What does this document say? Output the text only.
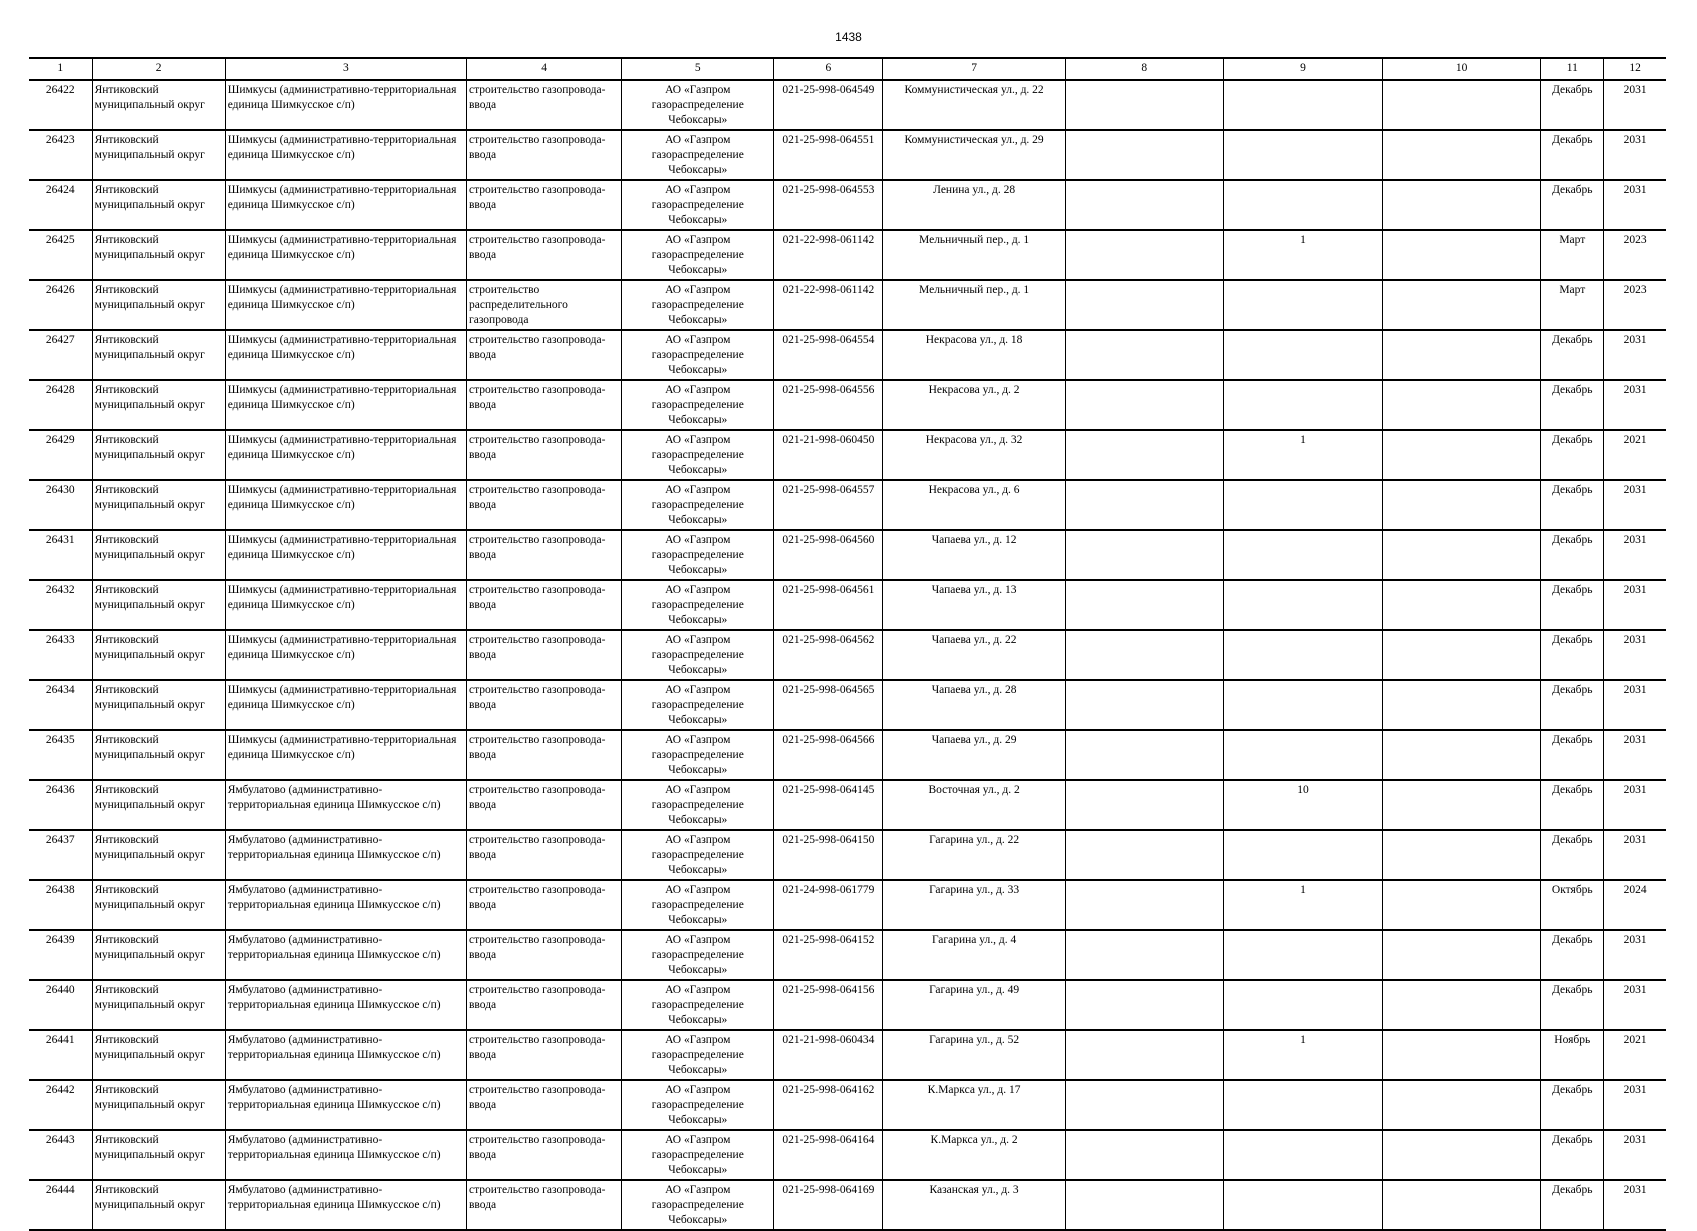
1438
1	2	3	4	5	6	7	8	9	10	11	12
26422	Янтиковский муниципальный округ	Шимкусы (административно-территориальная единица Шимкусское с/п)	строительство газопровода-ввода	АО «Газпром газораспределение Чебоксары»	021-25-998-064549	Коммунистическая ул., д. 22				Декабрь	2031
26423	Янтиковский муниципальный округ	Шимкусы (административно-территориальная единица Шимкусское с/п)	строительство газопровода-ввода	АО «Газпром газораспределение Чебоксары»	021-25-998-064551	Коммунистическая ул., д. 29				Декабрь	2031
26424	Янтиковский муниципальный округ	Шимкусы (административно-территориальная единица Шимкусское с/п)	строительство газопровода-ввода	АО «Газпром газораспределение Чебоксары»	021-25-998-064553	Ленина ул., д. 28				Декабрь	2031
26425	Янтиковский муниципальный округ	Шимкусы (административно-территориальная единица Шимкусское с/п)	строительство газопровода-ввода	АО «Газпром газораспределение Чебоксары»	021-22-998-061142	Мельничный пер., д. 1		1		Март	2023
26426	Янтиковский муниципальный округ	Шимкусы (административно-территориальная единица Шимкусское с/п)	строительство распределительного газопровода	АО «Газпром газораспределение Чебоксары»	021-22-998-061142	Мельничный пер., д. 1				Март	2023
26427	Янтиковский муниципальный округ	Шимкусы (административно-территориальная единица Шимкусское с/п)	строительство газопровода-ввода	АО «Газпром газораспределение Чебоксары»	021-25-998-064554	Некрасова ул., д. 18				Декабрь	2031
26428	Янтиковский муниципальный округ	Шимкусы (административно-территориальная единица Шимкусское с/п)	строительство газопровода-ввода	АО «Газпром газораспределение Чебоксары»	021-25-998-064556	Некрасова ул., д. 2				Декабрь	2031
26429	Янтиковский муниципальный округ	Шимкусы (административно-территориальная единица Шимкусское с/п)	строительство газопровода-ввода	АО «Газпром газораспределение Чебоксары»	021-21-998-060450	Некрасова ул., д. 32		1		Декабрь	2021
26430	Янтиковский муниципальный округ	Шимкусы (административно-территориальная единица Шимкусское с/п)	строительство газопровода-ввода	АО «Газпром газораспределение Чебоксары»	021-25-998-064557	Некрасова ул., д. 6				Декабрь	2031
26431	Янтиковский муниципальный округ	Шимкусы (административно-территориальная единица Шимкусское с/п)	строительство газопровода-ввода	АО «Газпром газораспределение Чебоксары»	021-25-998-064560	Чапаева ул., д. 12				Декабрь	2031
26432	Янтиковский муниципальный округ	Шимкусы (административно-территориальная единица Шимкусское с/п)	строительство газопровода-ввода	АО «Газпром газораспределение Чебоксары»	021-25-998-064561	Чапаева ул., д. 13				Декабрь	2031
26433	Янтиковский муниципальный округ	Шимкусы (административно-территориальная единица Шимкусское с/п)	строительство газопровода-ввода	АО «Газпром газораспределение Чебоксары»	021-25-998-064562	Чапаева ул., д. 22				Декабрь	2031
26434	Янтиковский муниципальный округ	Шимкусы (административно-территориальная единица Шимкусское с/п)	строительство газопровода-ввода	АО «Газпром газораспределение Чебоксары»	021-25-998-064565	Чапаева ул., д. 28				Декабрь	2031
26435	Янтиковский муниципальный округ	Шимкусы (административно-территориальная единица Шимкусское с/п)	строительство газопровода-ввода	АО «Газпром газораспределение Чебоксары»	021-25-998-064566	Чапаева ул., д. 29				Декабрь	2031
26436	Янтиковский муниципальный округ	Ямбулатово (административно-территориальная единица Шимкусское с/п)	строительство газопровода-ввода	АО «Газпром газораспределение Чебоксары»	021-25-998-064145	Восточная ул., д. 2		10		Декабрь	2031
26437	Янтиковский муниципальный округ	Ямбулатово (административно-территориальная единица Шимкусское с/п)	строительство газопровода-ввода	АО «Газпром газораспределение Чебоксары»	021-25-998-064150	Гагарина ул., д. 22				Декабрь	2031
26438	Янтиковский муниципальный округ	Ямбулатово (административно-территориальная единица Шимкусское с/п)	строительство газопровода-ввода	АО «Газпром газораспределение Чебоксары»	021-24-998-061779	Гагарина ул., д. 33		1		Октябрь	2024
26439	Янтиковский муниципальный округ	Ямбулатово (административно-территориальная единица Шимкусское с/п)	строительство газопровода-ввода	АО «Газпром газораспределение Чебоксары»	021-25-998-064152	Гагарина ул., д. 4				Декабрь	2031
26440	Янтиковский муниципальный округ	Ямбулатово (административно-территориальная единица Шимкусское с/п)	строительство газопровода-ввода	АО «Газпром газораспределение Чебоксары»	021-25-998-064156	Гагарина ул., д. 49				Декабрь	2031
26441	Янтиковский муниципальный округ	Ямбулатово (административно-территориальная единица Шимкусское с/п)	строительство газопровода-ввода	АО «Газпром газораспределение Чебоксары»	021-21-998-060434	Гагарина ул., д. 52		1		Ноябрь	2021
26442	Янтиковский муниципальный округ	Ямбулатово (административно-территориальная единица Шимкусское с/п)	строительство газопровода-ввода	АО «Газпром газораспределение Чебоксары»	021-25-998-064162	К.Маркса ул., д. 17				Декабрь	2031
26443	Янтиковский муниципальный округ	Ямбулатово (административно-территориальная единица Шимкусское с/п)	строительство газопровода-ввода	АО «Газпром газораспределение Чебоксары»	021-25-998-064164	К.Маркса ул., д. 2				Декабрь	2031
26444	Янтиковский муниципальный округ	Ямбулатово (административно-территориальная единица Шимкусское с/п)	строительство газопровода-ввода	АО «Газпром газораспределение Чебоксары»	021-25-998-064169	Казанская ул., д. 3				Декабрь	2031
